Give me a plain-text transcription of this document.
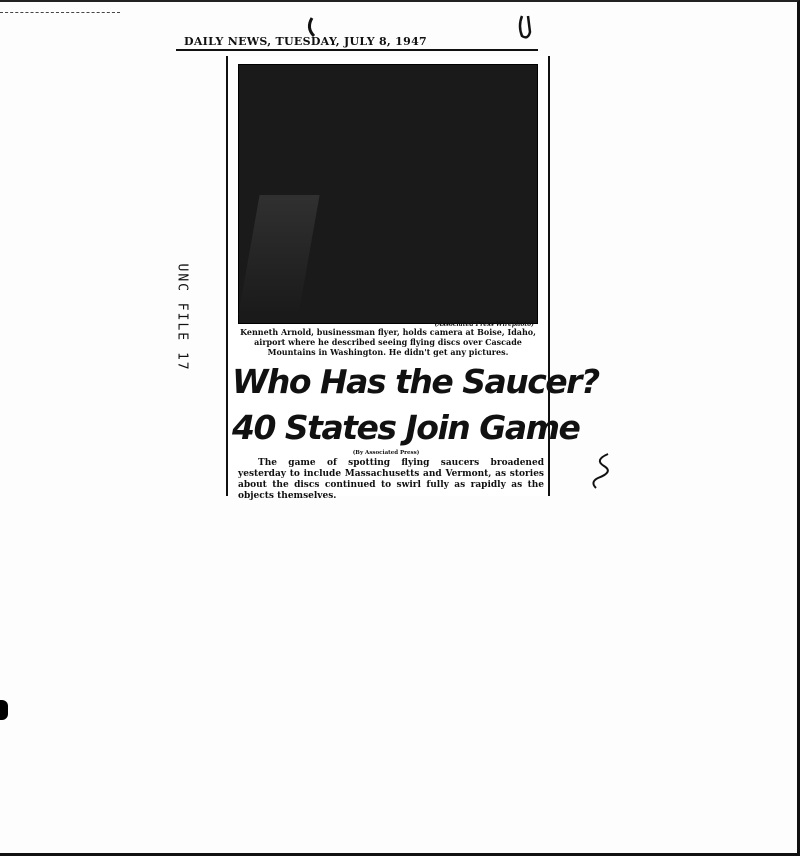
DAILY NEWS, TUESDAY, JULY 8, 1947
(Associated Press Wirephoto)
Kenneth Arnold, businessman flyer, holds camera at Boise, Idaho, airport where he described seeing flying discs over Cascade Mountains in Washington. He didn't get any pictures.
Who Has the Saucer?
40 States Join Game
(By Associated Press)
The game of spotting flying saucers broadened yesterday to include Massachusetts and Vermont, as stories about the discs continued to swirl fully as rapidly as the objects themselves.
UNC FILE 17
